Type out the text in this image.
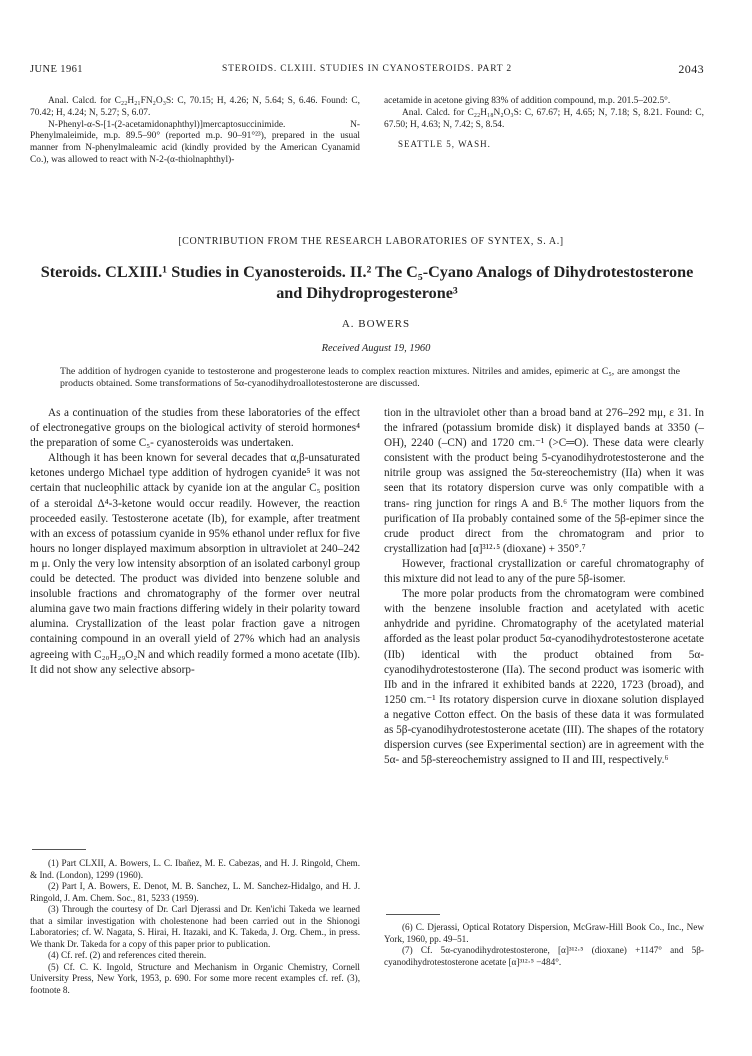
JUNE 1961	STEROIDS. CLXIII. STUDIES IN CYANOSTEROIDS. PART 2	2043

Anal. Calcd. for C₂₂H₂₁FN₂O₃S: C, 70.15; H, 4.26; N, 5.64; S, 6.46. Found: C, 70.42; H, 4.24; N, 5.27; S, 6.07.

N-Phenyl-α-S-[1-(2-acetamidonaphthyl)]mercaptosuccinimide. N-Phenylmaleimide, m.p. 89.5–90° (reported m.p. 90–91°²³), prepared in the usual manner from N-phenylmaleamic acid (kindly provided by the American Cyanamid Co.), was allowed to react with N-2-(α-thiolnaphthyl)-

acetamide in acetone giving 83% of addition compound, m.p. 201.5–202.5°.

Anal. Calcd. for C₂₂H₁₈N₂O₃S: C, 67.67; H, 4.65; N, 7.18; S, 8.21. Found: C, 67.50; H, 4.63; N, 7.42; S, 8.54.

SEATTLE 5, WASH.

[CONTRIBUTION FROM THE RESEARCH LABORATORIES OF SYNTEX, S. A.]
Steroids. CLXIII.¹ Studies in Cyanosteroids. II.² The C₅-Cyano Analogs of Dihydrotestosterone and Dihydroprogesterone³
A. BOWERS
Received August 19, 1960
The addition of hydrogen cyanide to testosterone and progesterone leads to complex reaction mixtures. Nitriles and amides, epimeric at C₅, are amongst the products obtained. Some transformations of 5α-cyanodihydroallotestosterone are discussed.

As a continuation of the studies from these laboratories of the effect of electronegative groups on the biological activity of steroid hormones⁴ the preparation of some C₅- cyanosteroids was undertaken.

Although it has been known for several decades that α,β-unsaturated ketones undergo Michael type addition of hydrogen cyanide⁵ it was not certain that nucleophilic attack by cyanide ion at the angular C₅ position of a steroidal Δ⁴-3-ketone would occur readily. However, the reaction proceeded easily. Testosterone acetate (Ib), for example, after treatment with an excess of potassium cyanide in 95% ethanol under reflux for five hours no longer displayed maximum absorption in ultraviolet at 240–242 m μ. Only the very low intensity absorption of an isolated carbonyl group could be detected. The product was divided into benzene soluble and insoluble fractions and chromatography of the former over neutral alumina gave two main fractions differing widely in their polarity toward alumina. Crystallization of the least polar fraction gave a nitrogen containing compound in an overall yield of 27% which had an analysis agreeing with C₂₀H₂₉O₂N and which readily formed a mono acetate (IIb). It did not show any selective absorp-

tion in the ultraviolet other than a broad band at 276–292 mμ, ε 31. In the infrared (potassium bromide disk) it displayed bands at 3350 (–OH), 2240 (–CN) and 1720 cm.⁻¹ (>C═O). These data were clearly consistent with the product being 5-cyanodihydrotestosterone and the nitrile group was assigned the 5α-stereochemistry (IIa) when it was seen that its rotatory dispersion curve was only compatible with a trans- ring junction for rings A and B.⁶ The mother liquors from the purification of IIa probably contained some of the 5β-epimer since the crude product direct from the chromatogram and prior to crystallization had [α]³¹²·⁵ (dioxane) + 350°.⁷

However, fractional crystallization or careful chromatography of this mixture did not lead to any of the pure 5β-isomer.

The more polar products from the chromatogram were combined with the benzene insoluble fraction and acetylated with acetic anhydride and pyridine. Chromatography of the acetylated material afforded as the least polar product 5α-cyanodihydrotestosterone acetate (IIb) identical with the product obtained from 5α-cyanodihydrotestosterone (IIa). The second product was isomeric with IIb and in the infrared it exhibited bands at 2220, 1723 (broad), and 1250 cm.⁻¹ Its rotatory dispersion curve in dioxane solution displayed a negative Cotton effect. On the basis of these data it was formulated as 5β-cyanodihydrotestosterone acetate (III). The shapes of the rotatory dispersion curves (see Experimental section) are in agreement with the 5α- and 5β-stereochemistry assigned to II and III, respectively.⁶

(1) Part CLXII, A. Bowers, L. C. Ibañez, M. E. Cabezas, and H. J. Ringold, Chem. & Ind. (London), 1299 (1960).

(2) Part I, A. Bowers, E. Denot, M. B. Sanchez, L. M. Sanchez-Hidalgo, and H. J. Ringold, J. Am. Chem. Soc., 81, 5233 (1959).

(3) Through the courtesy of Dr. Carl Djerassi and Dr. Ken'ichi Takeda we learned that a similar investigation with cholestenone had been carried out in the Shionogi Laboratories; cf. W. Nagata, S. Hirai, H. Itazaki, and K. Takeda, J. Org. Chem., in press. We thank Dr. Takeda for a copy of this paper prior to publication.

(4) Cf. ref. (2) and references cited therein.

(5) Cf. C. K. Ingold, Structure and Mechanism in Organic Chemistry, Cornell University Press, New York, 1953, p. 690. For some more recent examples cf. ref. (3), footnote 8.

(6) C. Djerassi, Optical Rotatory Dispersion, McGraw-Hill Book Co., Inc., New York, 1960, pp. 49–51.

(7) Cf. 5α-cyanodihydrotestosterone, [α]³¹²·⁵ (dioxane) +1147° and 5β-cyanodihydrotestosterone acetate [α]³¹²·⁵ −484°.
